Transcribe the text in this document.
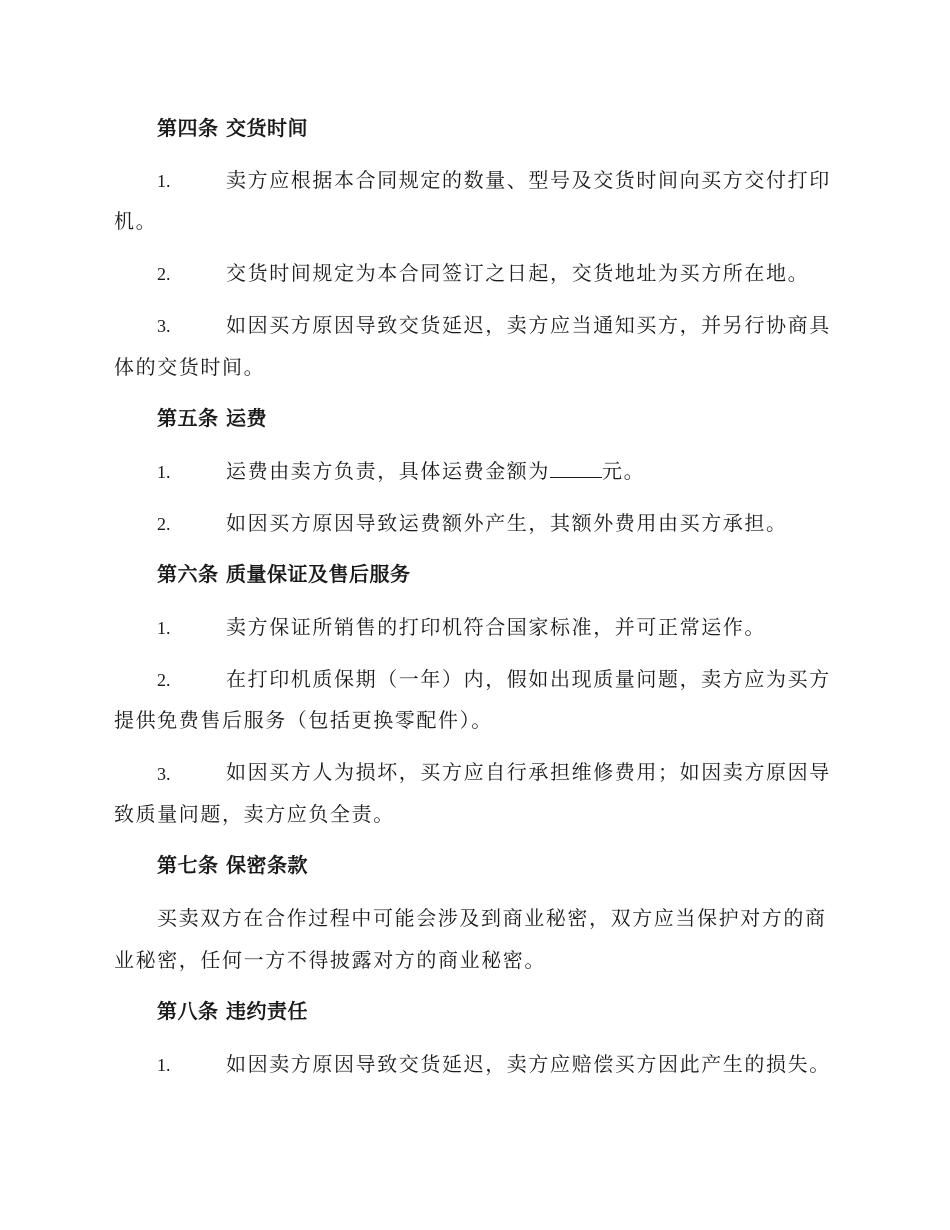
第四条 交货时间
1.	卖方应根据本合同规定的数量、型号及交货时间向买方交付打印
机。
2.	交货时间规定为本合同签订之日起，交货地址为买方所在地。
3.	如因买方原因导致交货延迟，卖方应当通知买方，并另行协商具
体的交货时间。
第五条 运费
1.	运费由卖方负责，具体运费金额为	元。
2.	如因买方原因导致运费额外产生，其额外费用由买方承担。
第六条 质量保证及售后服务
1.	卖方保证所销售的打印机符合国家标准，并可正常运作。
2.	在打印机质保期（一年）内，假如出现质量问题，卖方应为买方
提供免费售后服务（包括更换零配件）。
3.	如因买方人为损坏，买方应自行承担维修费用；如因卖方原因导
致质量问题，卖方应负全责。
第七条 保密条款
买卖双方在合作过程中可能会涉及到商业秘密，双方应当保护对方的商
业秘密，任何一方不得披露对方的商业秘密。
第八条 违约责任
1.	如因卖方原因导致交货延迟，卖方应赔偿买方因此产生的损失。
